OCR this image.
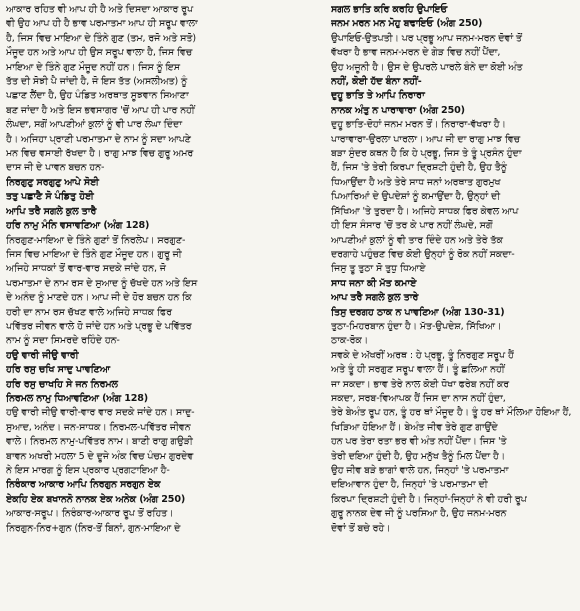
ਆਕਾਰ ਰਹਿਤ ਵੀ ਆਪ ਹੀ ਹੈ ਅਤੇ ਦਿਸਦਾ ਆਕਾਰ ਰੂਪ
ਵੀ ਉਹ ਆਪ ਹੀ ਹੈ ਭਾਵ ਪਰਮਾਤਮਾ ਆਪ ਹੀ ਸਰੂਪ ਵਾਲਾ
ਹੈ, ਜਿਸ ਵਿਚ ਮਾਇਆ ਦੇ ਤਿੰਨੇ ਗੁਣ (ਤਮ, ਰਜੋ ਅਤੇ ਸਤੋ)
ਮੌਜੂਦ ਹਨ ਅਤੇ ਆਪ ਹੀ ਉਸ ਸਰੂਪ ਵਾਲਾ ਹੈ, ਜਿਸ ਵਿਚ
ਮਾਇਆ ਦੇ ਤਿੰਨੇ ਗੁਣ ਮੌਜੂਦ ਨਹੀਂ ਹਨ। ਜਿਸ ਨੂੰ ਇਸ
ਤੱਤ ਦੀ ਸੋਝੀ ਪੈ ਜਾਂਦੀ ਹੈ, ਜੋ ਇਸ ਤੱਤ (ਅਸਲੀਅਤ) ਨੂੰ
ਪਛਾਣ ਲੈਂਦਾ ਹੈ, ਉਹ ਪੰਡਿਤ ਅਰਥਾਤ ਸੂਝਵਾਨ ਸਿਆਣਾ
ਬਣ ਜਾਂਦਾ ਹੈ ਅਤੇ ਇਸ ਭਵਸਾਗਰ 'ਚੋਂ ਆਪ ਹੀ ਪਾਰ ਨਹੀਂ
ਲੰਘਦਾ, ਸਗੋਂ ਆਪਣੀਆਂ ਕੁਲਾਂ ਨੂੰ ਵੀ ਪਾਰ ਲੰਘਾ ਦਿੰਦਾ
ਹੈ। ਅਜਿਹਾ ਪ੍ਰਾਣੀ ਪਰਮਾਤਮਾ ਦੇ ਨਾਮ ਨੂੰ ਸਦਾ ਆਪਣੇ
ਮਨ ਵਿਚ ਵਸਾਈ ਰੱਖਦਾ ਹੈ। ਰਾਗੁ ਮਾਝ ਵਿਚ ਗੁਰੂ ਅਮਰ
ਦਾਸ ਜੀ ਦੇ ਪਾਵਨ ਬਚਨ ਹਨ-
ਨਿਰਗੁਣੁ ਸਰਗੁਣੁ ਆਪੇ ਸੋਈ
ਤਤੁ ਪਛਾਣੈ ਸੋ ਪੰਡਿਤੁ ਹੋਈ
ਆਪਿ ਤਰੈ ਸਗਲੇ ਕੁਲ ਤਾਰੈ
ਹਰਿ ਨਾਮੁ ਮੰਨਿ ਵਸਾਵਣਿਆ (ਅੰਗ 128)
ਨਿਰਗੁਣ-ਮਾਇਆ ਦੇ ਤਿੰਨੇ ਗੁਣਾਂ ਤੋਂ ਨਿਰਲੇਪ। ਸਰਗੁਣ-
ਜਿਸ ਵਿਚ ਮਾਇਆ ਦੇ ਤਿੰਨੇ ਗੁਣ ਮੌਜੂਦ ਹਨ। ਗੁਰੂ ਜੀ
ਅਜਿਹੇ ਸਾਧਕਾਂ ਤੋਂ ਵਾਰ-ਵਾਰ ਸਦਕੇ ਜਾਂਦੇ ਹਨ, ਜੋ
ਪਰਮਾਤਮਾ ਦੇ ਨਾਮ ਰਸ ਦੇ ਸੁਆਦ ਨੂੰ ਚੱਖਦੇ ਹਨ ਅਤੇ ਇਸ
ਦੇ ਅਨੰਦ ਨੂੰ ਮਾਣਦੇ ਹਨ। ਆਪ ਜੀ ਦੇ ਹੋਰ ਬਚਨ ਹਨ ਕਿ
ਹਰੀ ਦਾ ਨਾਮ ਰਸ ਚੱਖਣ ਵਾਲੇ ਅਜਿਹੇ ਸਾਧਕ ਫਿਰ
ਪਵਿੱਤਰ ਜੀਵਨ ਵਾਲੇ ਹੋ ਜਾਂਦੇ ਹਨ ਅਤੇ ਪ੍ਰਭੂ ਦੇ ਪਵਿੱਤਰ
ਨਾਮ ਨੂੰ ਸਦਾ ਸਿਮਰਦੇ ਰਹਿੰਦੇ ਹਨ-
ਹਉ ਵਾਰੀ ਜੀਉ ਵਾਰੀ
ਹਰਿ ਰਸੁ ਚਖਿ ਸਾਦੁ ਪਾਵਣਿਆ
ਹਰਿ ਰਸੁ ਚਾਖਹਿ ਸੇ ਜਨ ਨਿਰਮਲ
ਨਿਰਮਲ ਨਾਮੁ ਧਿਆਵਣਿਆ (ਅੰਗ 128)
ਹਉ ਵਾਰੀ ਜੀਉ ਵਾਰੀ-ਵਾਰ ਵਾਰ ਸਦਕੇ ਜਾਂਦੇ ਹਨ। ਸਾਦੁ-
ਸੁਆਦ, ਅਨੰਦ। ਜਨ-ਸਾਧਕ। ਨਿਰਮਲ-ਪਵਿੱਤਰ ਜੀਵਨ
ਵਾਲੇ। ਨਿਰਮਲ ਨਾਮੁ-ਪਵਿੱਤਰ ਨਾਮ। ਬਾਣੀ ਰਾਗੁ ਗਉੜੀ
ਬਾਵਨ ਅਖਰੀ ਮਹਲਾ 5 ਦੇ ਦੂਜੇ ਅੰਕ ਵਿਚ ਪੰਚਮ ਗੁਰਦੇਵ
ਨੇ ਇਸ ਮਾਰਗ ਨੂੰ ਇਸ ਪ੍ਰਕਾਰ ਪ੍ਰਗਟਾਇਆ ਹੈ-
ਨਿਰੰਕਾਰ ਆਕਾਰ ਆਪਿ ਨਿਰਗੁਨ ਸਰਗੁਨ ਏਕ
ਏਕਹਿ ਏਕ ਬਖਾਨਨੋ ਨਾਨਕ ਏਕ ਅਨੇਕ (ਅੰਗ 250)
ਆਕਾਰ-ਸਰੂਪ। ਨਿਰੰਕਾਰ-ਆਕਾਰ ਰੂਪ ਤੋਂ ਰਹਿਤ।
ਨਿਰਗੁਨ-ਨਿਰ+ਗੁਨ (ਨਿਰ-ਤੋਂ ਬਿਨਾਂ, ਗੁਨ-ਮਾਇਆ ਦੇ
ਸਗਲ ਭਾਤਿ ਕਰਿ ਕਰਹਿ ਉਪਾਇਓ
ਜਨਮ ਮਰਨ ਮਨ ਮੋਹੁ ਬਢਾਇਓ (ਅੰਗ 250)
ਉਪਾਇਓ-ਉਤਪਤੀ। ਪਰ ਪ੍ਰਭੂ ਆਪ ਜਨਮ-ਮਰਨ ਦੋਵਾਂ ਤੋਂ
ਵੱਖਰਾ ਹੈ ਭਾਵ ਜਨਮ-ਮਰਨ ਦੇ ਗੇੜ ਵਿਚ ਨਹੀਂ ਪੈਂਦਾ,
ਉਹ ਅਜੂਨੀ ਹੈ। ਉਸ ਦੇ ਉਪਰਲੇ ਪਾਰਲੇ ਬੰਨੇ ਦਾ ਕੋਈ ਅੰਤ
ਨਹੀਂ, ਕੋਈ ਹੱਦ ਬੰਨਾ ਨਹੀਂ-
ਦੁਹੂ ਭਾਤਿ ਤੇ ਆਪਿ ਨਿਰਾਰਾ
ਨਾਨਕ ਅੰਤੁ ਨ ਪਾਰਾਵਾਰਾ (ਅੰਗ 250)
ਦੁਹੂ ਭਾਤਿ-ਦੋਹਾਂ ਜਨਮ ਮਰਨ ਤੋਂ। ਨਿਰਾਰਾ-ਵੱਖਰਾ ਹੈ।
ਪਾਰਾਵਾਰਾ-ਉਰਲਾ ਪਾਰਲਾ। ਆਪ ਜੀ ਦਾ ਰਾਗੁ ਮਾਝ ਵਿਚ
ਬੜਾ ਸੁੰਦਰ ਕਥਨ ਹੈ ਕਿ ਹੇ ਪ੍ਰਭੂ, ਜਿਸ ਤੇ ਤੂੰ ਪ੍ਰਸੰਨ ਹੁੰਦਾ
ਹੈਂ, ਜਿਸ 'ਤੇ ਤੇਰੀ ਕਿਰਪਾ ਦ੍ਰਿਸ਼ਟੀ ਹੁੰਦੀ ਹੈ, ਉਹ ਤੈਨੂੰ
ਧਿਆਉਂਦਾ ਹੈ ਅਤੇ ਤੇਰੇ ਸਾਧ ਜਨਾਂ ਅਰਥਾਤ ਗੁਰਮੁਖ
ਪਿਆਰਿਆਂ ਦੇ ਉਪਦੇਸ਼ਾਂ ਨੂੰ ਕਮਾਉਂਦਾ ਹੈ, ਉਨ੍ਹਾਂ ਦੀ
ਸਿੱਖਿਆ 'ਤੇ ਤੁਰਦਾ ਹੈ। ਅਜਿਹੇ ਸਾਧਕ ਫਿਰ ਕੇਵਲ ਆਪ
ਹੀ ਇਸ ਸੰਸਾਰ 'ਚੋਂ ਤਰ ਕੇ ਪਾਰ ਨਹੀਂ ਲੰਘਦੇ, ਸਗੋਂ
ਆਪਣੀਆਂ ਕੁਲਾਂ ਨੂੰ ਵੀ ਤਾਰ ਦਿੰਦੇ ਹਨ ਅਤੇ ਤੇਰੇ ਤੱਕ
ਦਰਗਾਹੇ ਪਹੁੰਚਣ ਵਿਚ ਕੋਈ ਉਨ੍ਹਾਂ ਨੂੰ ਰੋਕ ਨਹੀਂ ਸਕਦਾ-
ਜਿਸੁ ਤੂ ਤੁਠਾ ਸੋ ਤੁਧੁ ਧਿਆਏ
ਸਾਧ ਜਨਾ ਕੀ ਮੱਤ ਕਮਾਏ
ਆਪ ਤਰੈ ਸਗਲੇ ਕੁਲ ਤਾਰੇ
ਤਿਸੁ ਦਰਗਹ ਠਾਕ ਨ ਪਾਵਣਿਆ (ਅੰਗ 130-31)
ਤੁਠਾ-ਮਿਹਰਬਾਨ ਹੁੰਦਾ ਹੈ। ਮੱਤ-ਉਪਦੇਸ਼, ਸਿੱਖਿਆ।
ਠਾਕ-ਰੋਕ।
ਸਵਕੇ ਦੇ ਅੱਖਰੀਂ ਅਰਥ : ਹੇ ਪ੍ਰਭੂ, ਤੂੰ ਨਿਰਗੁਣ ਸਰੂਪ ਹੈਂ
ਅਤੇ ਤੂੰ ਹੀ ਸਰਗੁਣ ਸਰੂਪ ਵਾਲਾ ਹੈਂ। ਤੂੰ ਛਲਿਆ ਨਹੀਂ
ਜਾ ਸਕਦਾ। ਭਾਵ ਤੇਰੇ ਨਾਲ ਕੋਈ ਧੋਖਾ ਫਰੇਬ ਨਹੀਂ ਕਰ
ਸਕਦਾ, ਸਰਬ-ਵਿਆਪਕ ਹੈਂ ਜਿਸ ਦਾ ਨਾਸ ਨਹੀਂ ਹੁੰਦਾ,
ਤੇਰੇ ਬੇਅੰਤ ਰੂਪ ਹਨ, ਤੂੰ ਹਰ ਥਾਂ ਮੌਜੂਦ ਹੈ। ਤੂੰ ਹਰ ਥਾਂ ਮੌਲਿਆ ਹੋਇਆ ਹੈਂ,
ਖਿੜਿਆ ਹੋਇਆ ਹੈਂ। ਬੇਅੰਤ ਜੀਵ ਤੇਰੇ ਗੁਣ ਗਾਉਂਦੇ
ਹਨ ਪਰ ਤੇਰਾ ਰਤਾ ਭਰ ਵੀ ਅੰਤ ਨਹੀਂ ਪੈਂਦਾ। ਜਿਸ 'ਤੇ
ਤੇਰੀ ਦਇਆ ਹੁੰਦੀ ਹੈ, ਉਹ ਮਨੁੱਖ ਤੈਨੂੰ ਮਿਲ ਪੈਂਦਾ ਹੈ।
ਉਹ ਜੀਵ ਬੜੇ ਭਾਗਾਂ ਵਾਲੇ ਹਨ, ਜਿਨ੍ਹਾਂ 'ਤੇ ਪਰਮਾਤਮਾ
ਦਇਆਵਾਨ ਹੁੰਦਾ ਹੈ, ਜਿਨ੍ਹਾਂ 'ਤੇ ਪਰਮਾਤਮਾ ਦੀ
ਕਿਰਪਾ ਦ੍ਰਿਸ਼ਟੀ ਹੁੰਦੀ ਹੈ। ਜਿਨ੍ਹਾਂ-ਜਿਨ੍ਹਾਂ ਨੇ ਵੀ ਹਰੀ ਰੂਪ
ਗੁਰੂ ਨਾਨਕ ਦੇਵ ਜੀ ਨੂੰ ਪਰਸਿਆ ਹੈ, ਉਹ ਜਨਮ-ਮਰਨ
ਦੋਵਾਂ ਤੋਂ ਬਚੇ ਰਹੇ।
